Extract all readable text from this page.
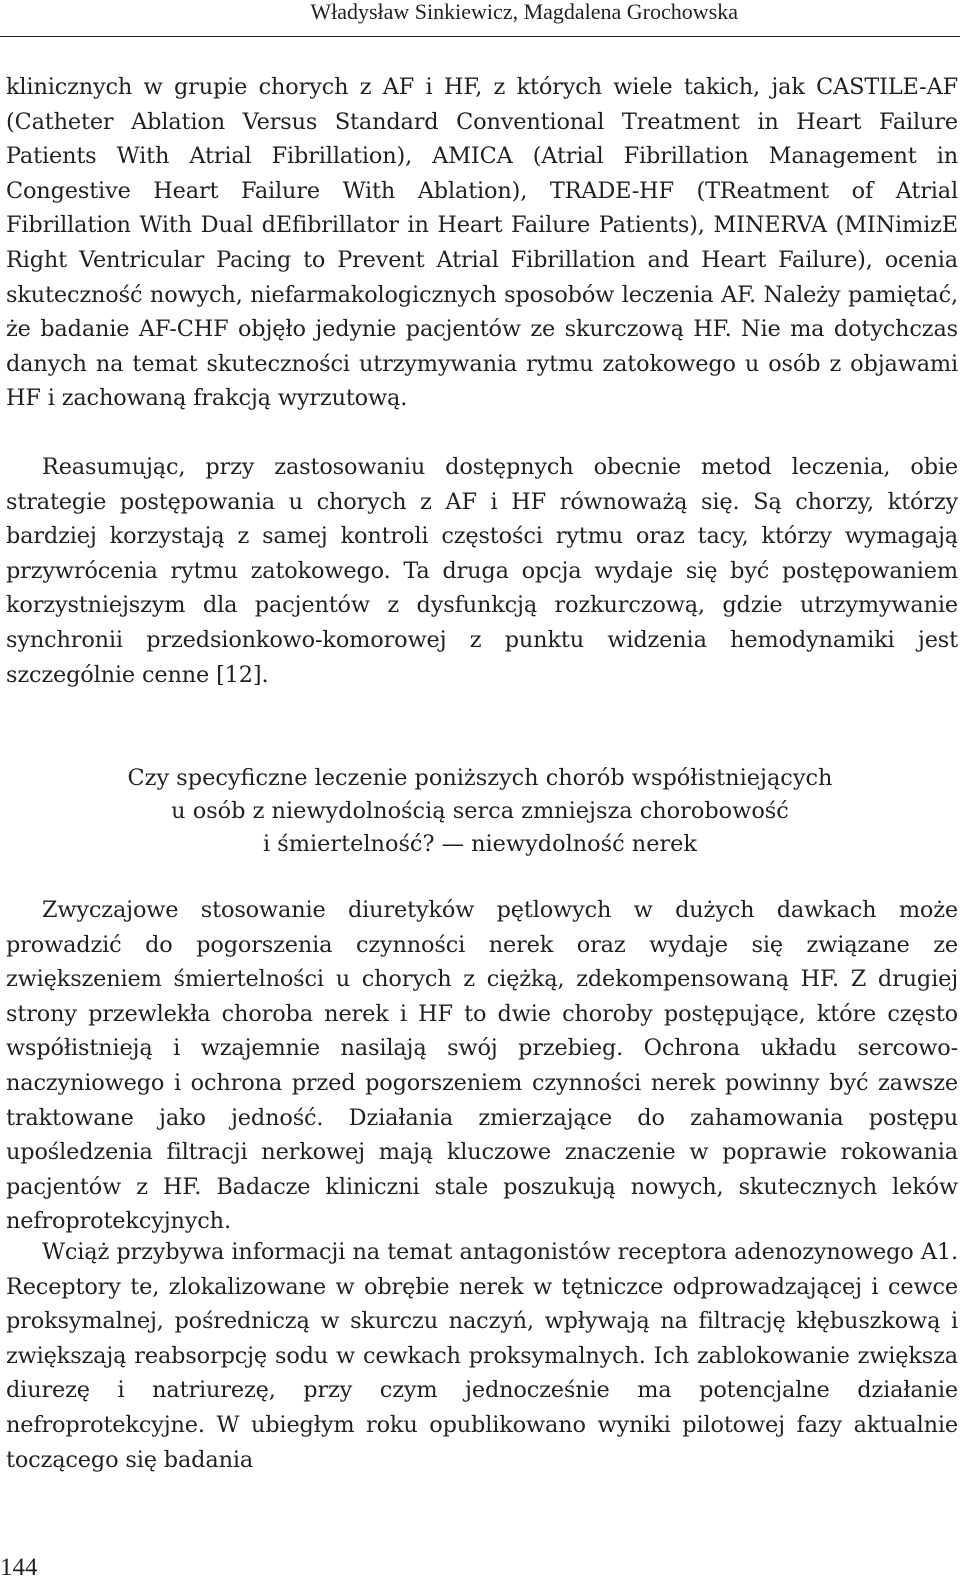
Władysław Sinkiewicz, Magdalena Grochowska

klinicznych w grupie chorych z AF i HF, z których wiele takich, jak CASTILE-AF (Catheter Ablation Versus Standard Conventional Treatment in Heart Failure Patients With Atrial Fibrillation), AMICA (Atrial Fibrillation Management in Congestive Heart Failure With Ablation), TRADE-HF (TReatment of Atrial Fibrillation With Dual dEfibrillator in Heart Failure Patients), MINERVA (MINimizE Right Ventricular Pacing to Prevent Atrial Fibrillation and Heart Failure), ocenia skuteczność nowych, niefarmakologicznych sposobów leczenia AF. Należy pamiętać, że badanie AF-CHF objęło jedynie pacjentów ze skurczową HF. Nie ma dotychczas danych na temat skuteczności utrzymywania rytmu zatokowego u osób z objawami HF i zachowaną frakcją wyrzutową.

Reasumując, przy zastosowaniu dostępnych obecnie metod leczenia, obie strategie postępowania u chorych z AF i HF równoważą się. Są chorzy, którzy bardziej korzystają z samej kontroli częstości rytmu oraz tacy, którzy wymagają przywrócenia rytmu zatokowego. Ta druga opcja wydaje się być postępowaniem korzystniejszym dla pacjentów z dysfunkcją rozkurczową, gdzie utrzymywanie synchronii przedsionkowo-komorowej z punktu widzenia hemodynamiki jest szczególnie cenne [12].

Czy specyficzne leczenie poniższych chorób współistniejących
u osób z niewydolnością serca zmniejsza chorobowość
i śmiertelność? — niewydolność nerek

Zwyczajowe stosowanie diuretyków pętlowych w dużych dawkach może prowadzić do pogorszenia czynności nerek oraz wydaje się związane ze zwiększeniem śmiertelności u chorych z ciężką, zdekompensowaną HF. Z drugiej strony przewlekła choroba nerek i HF to dwie choroby postępujące, które często współistnieją i wzajemnie nasilają swój przebieg. Ochrona układu sercowo-naczyniowego i ochrona przed pogorszeniem czynności nerek powinny być zawsze traktowane jako jedność. Działania zmierzające do zahamowania postępu upośledzenia filtracji nerkowej mają kluczowe znaczenie w poprawie rokowania pacjentów z HF. Badacze kliniczni stale poszukują nowych, skutecznych leków nefroprotekcyjnych.

Wciąż przybywa informacji na temat antagonistów receptora adenozynowego A1. Receptory te, zlokalizowane w obrębie nerek w tętniczce odprowadzającej i cewce proksymalnej, pośredniczą w skurczu naczyń, wpływają na filtrację kłębuszkową i zwiększają reabsorpcję sodu w cewkach proksymalnych. Ich zablokowanie zwiększa diurezę i natriurezę, przy czym jednocześnie ma potencjalne działanie nefroprotekcyjne. W ubiegłym roku opublikowano wyniki pilotowej fazy aktualnie toczącego się badania

144
